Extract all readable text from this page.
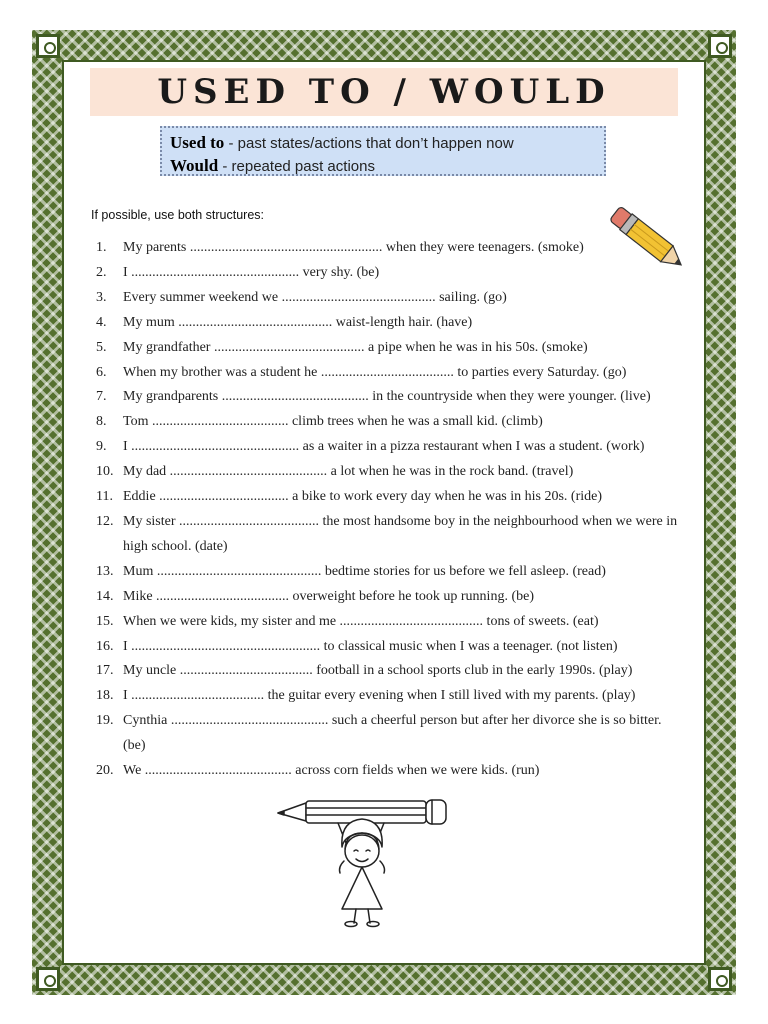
USED TO / WOULD
Used to - past states/actions that don’t happen now
Would - repeated past actions
If possible, use both structures:
1.	My parents ....................................................... when they were teenagers. (smoke)
2.	I ................................................ very shy. (be)
3.	Every summer weekend we ............................................ sailing. (go)
4.	My mum ............................................ waist-length hair. (have)
5.	My grandfather ........................................... a pipe when he was in his 50s. (smoke)
6.	When my brother was a student he ...................................... to parties every Saturday. (go)
7.	My grandparents .......................................... in the countryside when they were younger. (live)
8.	Tom ....................................... climb trees when he was a small kid. (climb)
9.	I ................................................ as a waiter in a pizza restaurant when I was a student. (work)
10. My dad ............................................. a lot when he was in the rock band. (travel)
11. Eddie ..................................... a bike to work every day when he was in his 20s. (ride)
12. My sister ........................................ the most handsome boy in the neighbourhood when we were in high school. (date)
13. Mum ............................................... bedtime stories for us before we fell asleep. (read)
14. Mike ...................................... overweight before he took up running. (be)
15. When we were kids, my sister and me ......................................... tons of sweets. (eat)
16. I ...................................................... to classical music when I was a teenager. (not listen)
17. My uncle ...................................... football in a school sports club in the early 1990s. (play)
18. I ...................................... the guitar every evening when I still lived with my parents. (play)
19. Cynthia ............................................. such a cheerful person but after her divorce she is so bitter. (be)
20. We .......................................... across corn fields when we were kids. (run)
